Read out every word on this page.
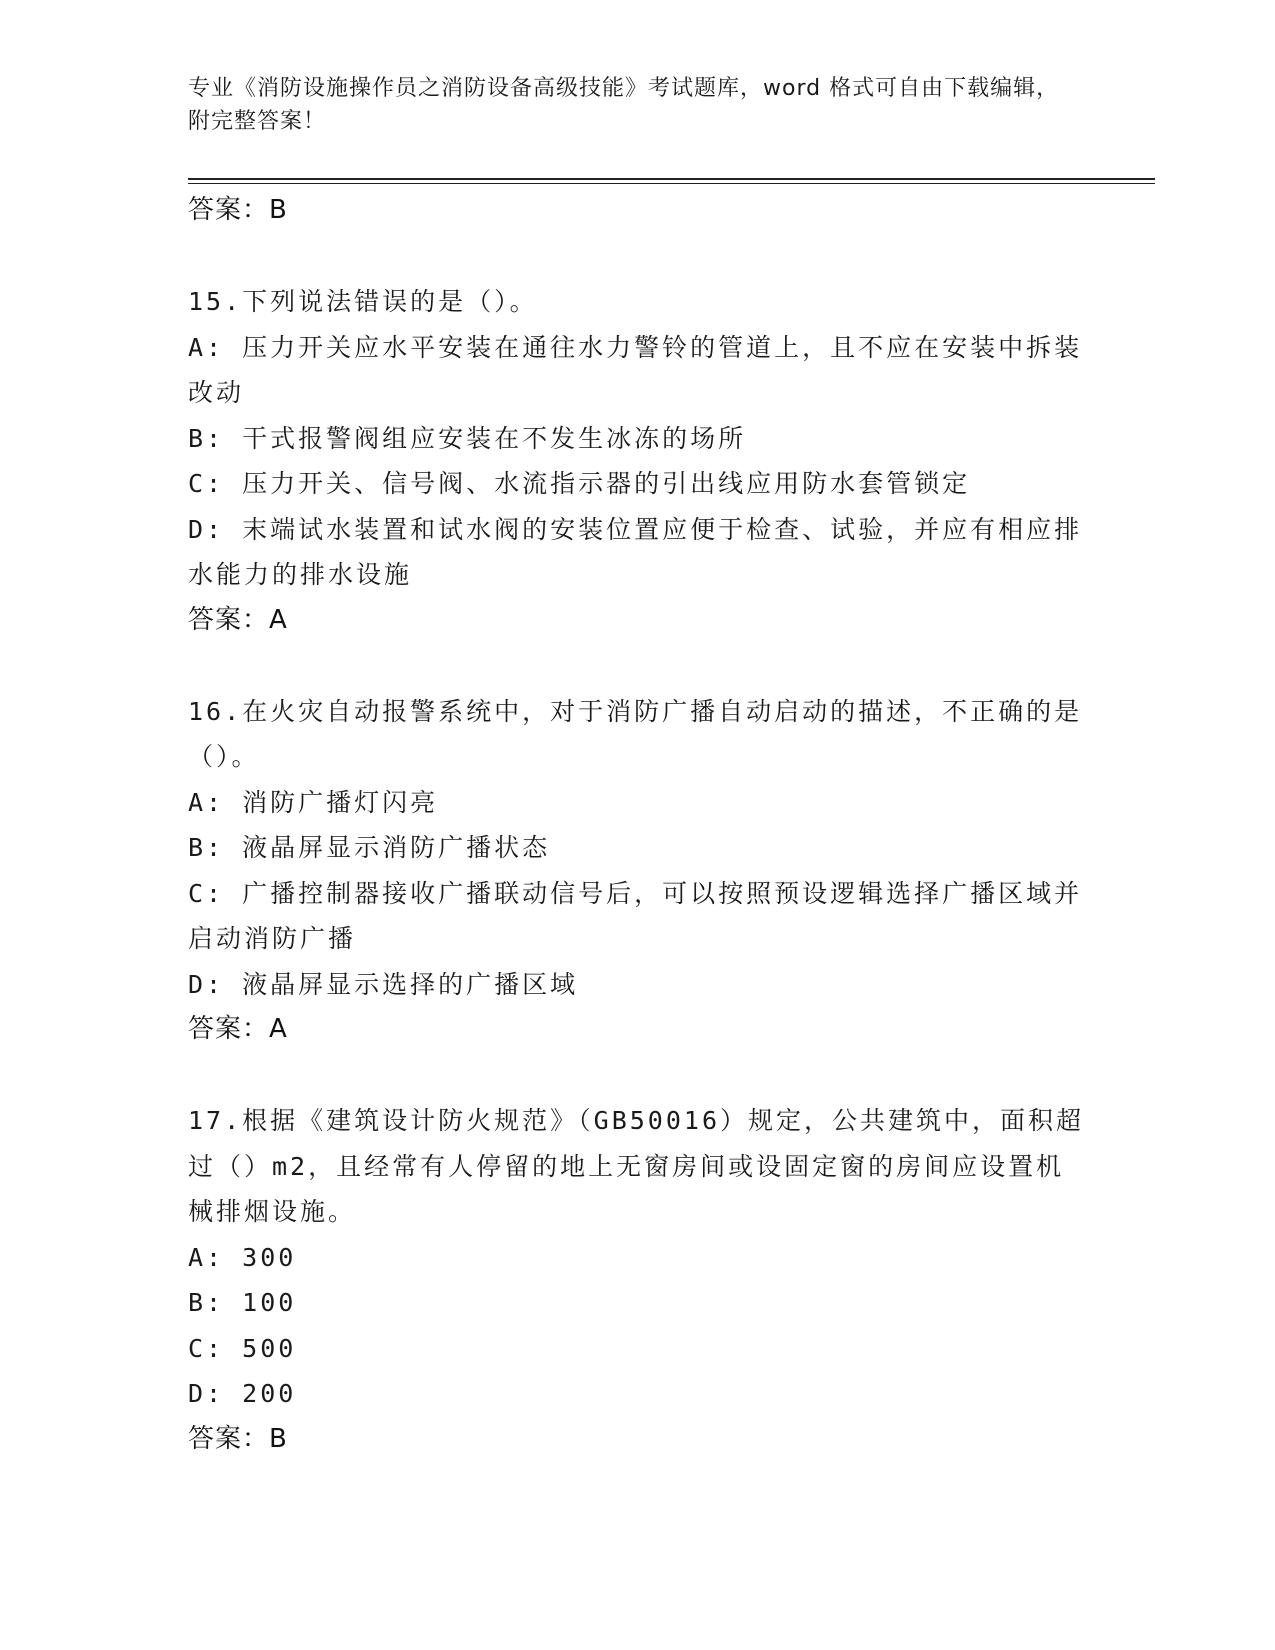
专业《消防设施操作员之消防设备高级技能》考试题库，word 格式可自由下载编辑，附完整答案！
答案：B
15.下列说法错误的是（）。
A: 压力开关应水平安装在通往水力警铃的管道上，且不应在安装中拆装改动
B: 干式报警阀组应安装在不发生冰冻的场所
C: 压力开关、信号阀、水流指示器的引出线应用防水套管锁定
D: 末端试水装置和试水阀的安装位置应便于检查、试验，并应有相应排水能力的排水设施
答案：A
16.在火灾自动报警系统中，对于消防广播自动启动的描述，不正确的是（）。
A: 消防广播灯闪亮
B: 液晶屏显示消防广播状态
C: 广播控制器接收广播联动信号后，可以按照预设逻辑选择广播区域并启动消防广播
D: 液晶屏显示选择的广播区域
答案：A
17.根据《建筑设计防火规范》（GB50016）规定，公共建筑中，面积超过（）m2，且经常有人停留的地上无窗房间或设固定窗的房间应设置机械排烟设施。
A: 300
B: 100
C: 500
D: 200
答案：B
